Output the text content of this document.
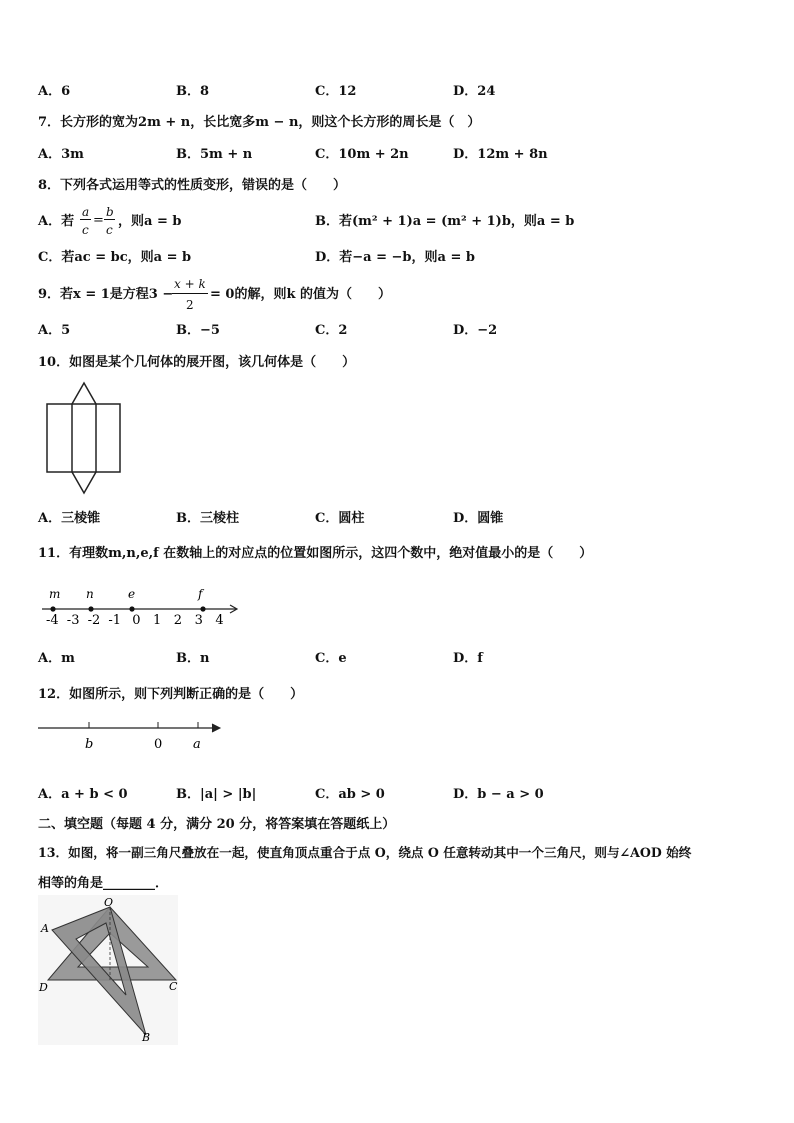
A．6	B．8	C．12	D．24
7．长方形的宽为2m + n，长比宽多m − n，则这个长方形的周长是（　）
A．3m	B．5m + n	C．10m + 2n	D．12m + 8n
8．下列各式运用等式的性质变形，错误的是（　　）
A．若
a
c
=
b
c
，则a = b	B．若(m² + 1)a = (m² + 1)b，则a = b
C．若ac = bc，则a = b	D．若−a = −b，则a = b
9．若x = 1是方程3 −
x + k
2
= 0的解，则k 的值为（　　）
A．5	B．−5	C．2	D．−2
10．如图是某个几何体的展开图，该几何体是（　　）
A．三棱锥	B．三棱柱	C．圆柱	D．圆锥
11．有理数m,n,e,f 在数轴上的对应点的位置如图所示，这四个数中，绝对值最小的是（　　）
-4 -3 -2 -1 0 1 2 3 4
m n	e	f
A．m	B．n	C．e	D．f
12．如图所示，则下列判断正确的是（　　）
b	0 a
A．a + b < 0	B．|a| > |b|	C．ab > 0	D．b − a > 0
二、填空题（每题 4 分，满分 20 分，将答案填在答题纸上）
13．如图，将一副三角尺叠放在一起，使直角顶点重合于点 O，绕点 O 任意转动其中一个三角尺，则与∠AOD 始终
相等的角是________．
O
A
D	C
B
